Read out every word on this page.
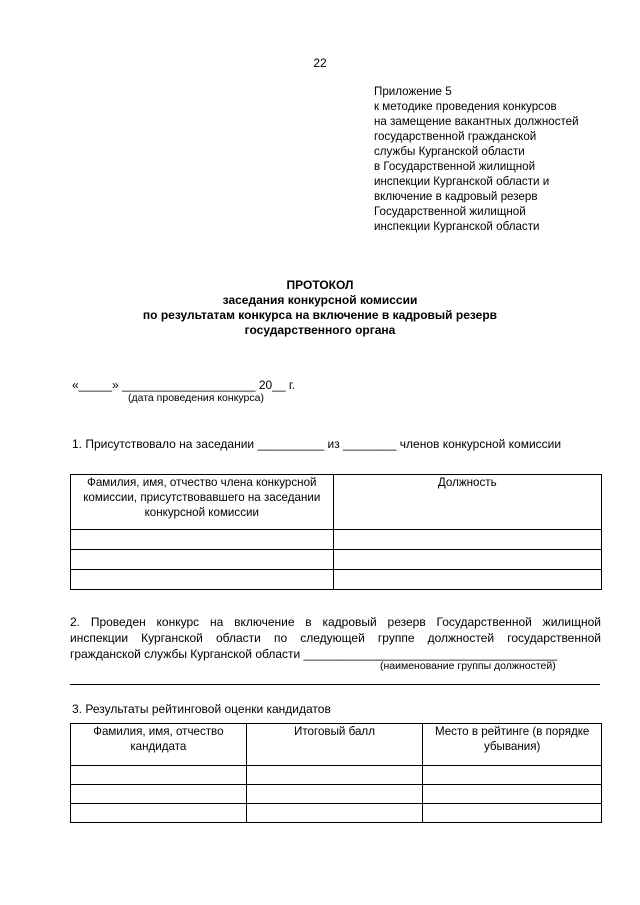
22
Приложение 5
к методике проведения конкурсов
на замещение вакантных должностей
государственной гражданской
службы Курганской области
в Государственной жилищной
инспекции Курганской области и
включение в кадровый резерв
Государственной жилищной
инспекции Курганской области
ПРОТОКОЛ
заседания конкурсной комиссии
по результатам конкурса на включение в кадровый резерв
государственного органа
«_____» ____________________ 20__ г.
(дата проведения конкурса)
1. Присутствовало на заседании __________ из ________ членов конкурсной комиссии
Фамилия, имя, отчество члена конкурсной комиссии, присутствовавшего на заседании конкурсной комиссии	Должность

2. Проведен конкурс на включение в кадровый резерв Государственной жилищной
инспекции Курганской области по следующей группе должностей государственной
гражданской службы Курганской области ______________________________________
(наименование группы должностей)
3. Результаты рейтинговой оценки кандидатов
Фамилия, имя, отчество кандидата	Итоговый балл	Место в рейтинге (в порядке убывания)
